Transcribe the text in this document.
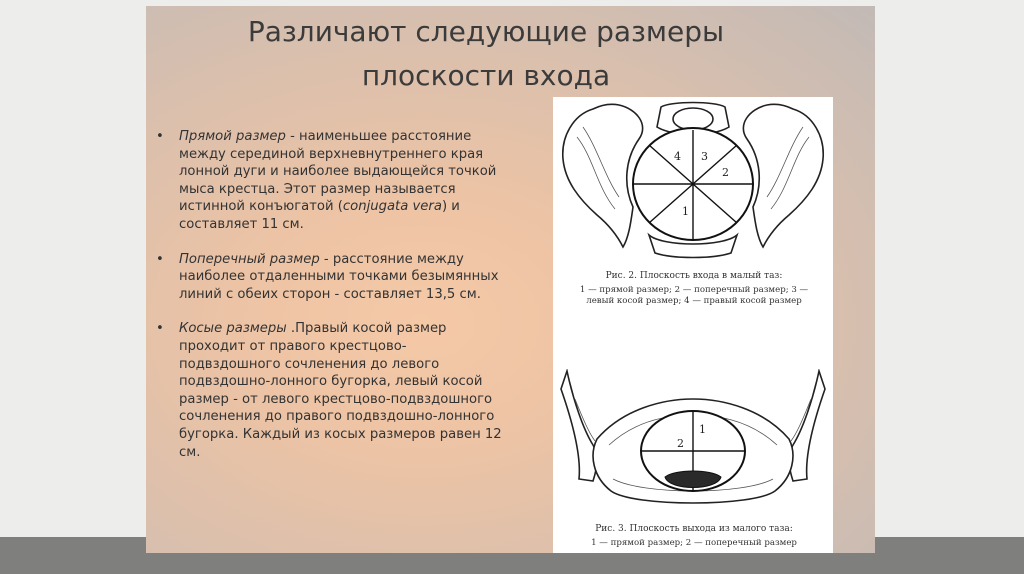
Различают следующие размеры
плоскости входа
• Прямой размер - наименьшее расстояние между серединой верхневнутреннего края лонной дуги и наиболее выдающейся точкой мыса крестца. Этот размер называется истинной конъюгатой (conjugata vera) и составляет 11 см.
• Поперечный размер - расстояние между наиболее отдаленными точками безымянных линий с обеих сторон - составляет 13,5 см.
• Косые размеры .Правый косой размер проходит от правого крестцово-подвздошного сочленения до левого подвздошно-лонного бугорка, левый косой размер - от левого крестцово-подвздошного сочленения до правого подвздошно-лонного бугорка. Каждый из косых размеров равен 12 см.
4 3
2
1
Рис. 2. Плоскость входа в малый таз:
1 — прямой размер; 2 — поперечный размер; 3 — левый косой размер; 4 — правый косой размер
1
2
Рис. 3. Плоскость выхода из малого таза:
1 — прямой размер; 2 — поперечный размер
